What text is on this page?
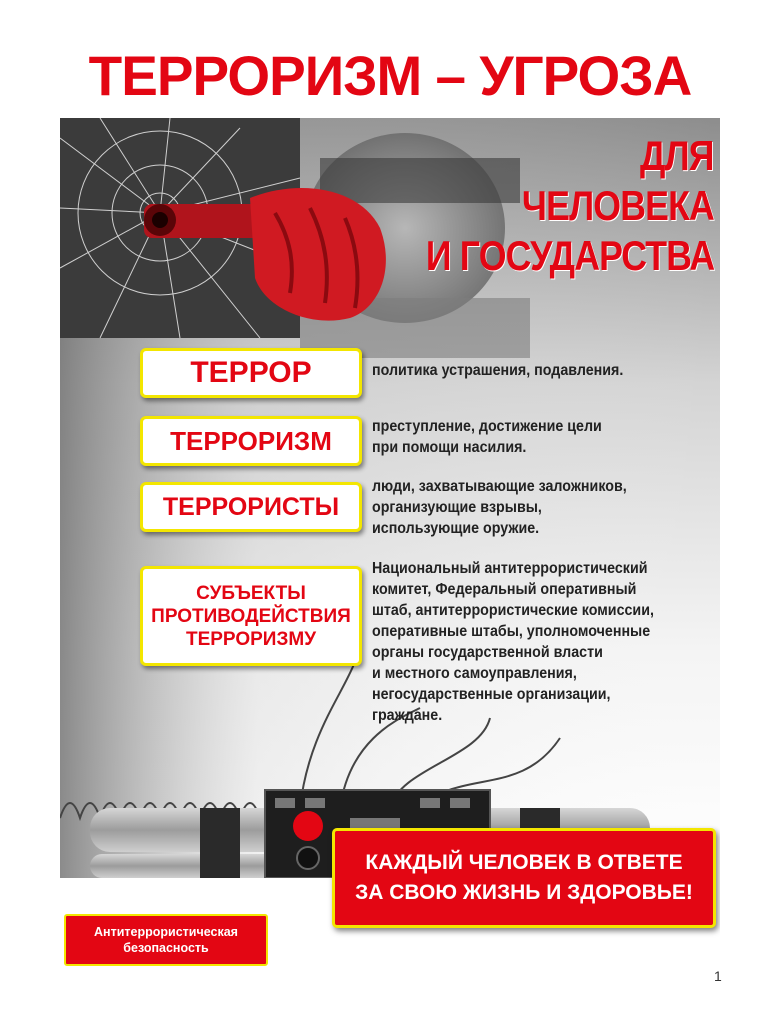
ТЕРРОРИЗМ – УГРОЗА
ДЛЯ
ЧЕЛОВЕКА
И ГОСУДАРСТВА
ТЕРРОР	политика устрашения, подавления.
ТЕРРОРИЗМ	преступление, достижение цели
при помощи насилия.
ТЕРРОРИСТЫ
люди, захватывающие заложников,
организующие взрывы,
использующие оружие.
СУБЪЕКТЫ
ПРОТИВОДЕЙСТВИЯ
ТЕРРОРИЗМУ
Национальный антитеррористический
комитет, Федеральный оперативный
штаб, антитеррористические комиссии,
оперативные штабы, уполномоченные
органы государственной власти
и местного самоуправления,
негосударственные организации,
граждане.
КАЖДЫЙ ЧЕЛОВЕК В ОТВЕТЕ
ЗА СВОЮ ЖИЗНЬ И ЗДОРОВЬЕ!
Антитеррористическая
безопасность
1
